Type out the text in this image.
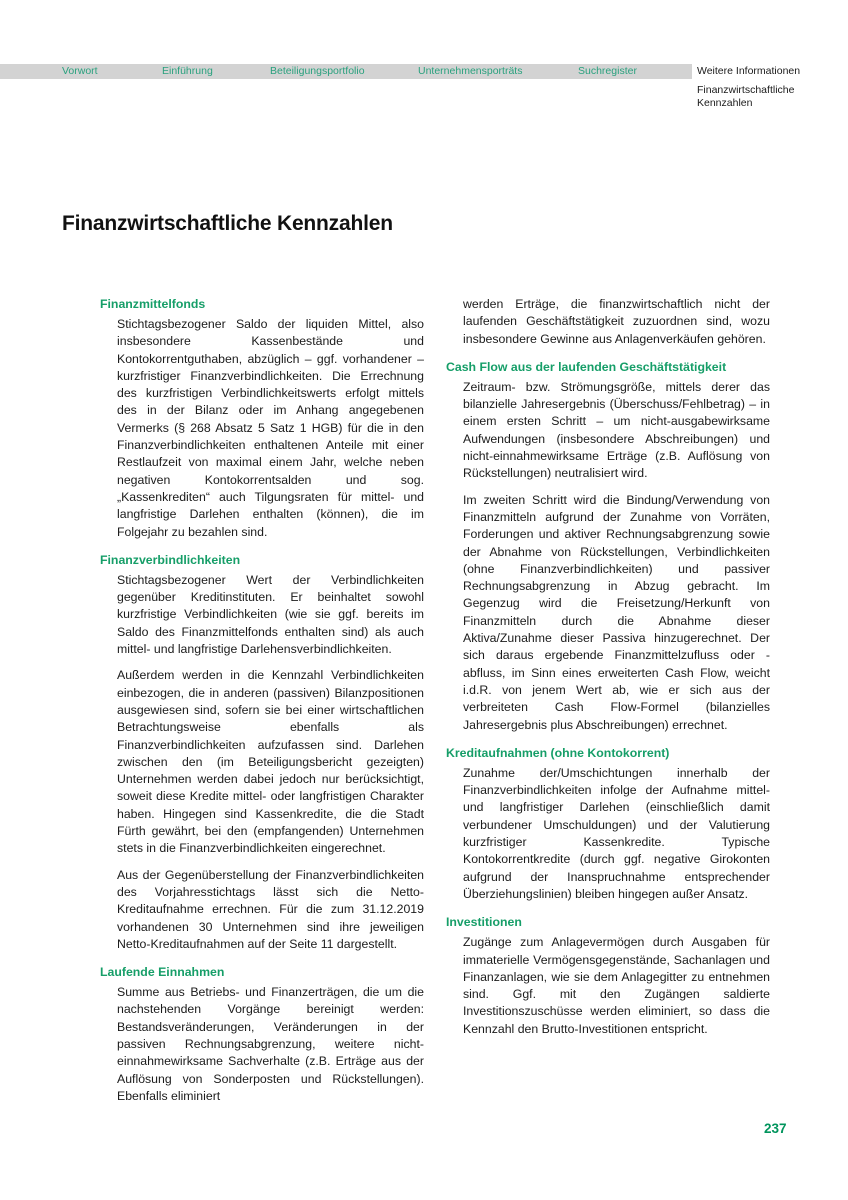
Vorwort	Einführung	Beteiligungsportfolio	Unternehmensporträts	Suchregister	Weitere Informationen
Finanzwirtschaftliche Kennzahlen
Finanzwirtschaftliche Kennzahlen
Finanzmittelfonds

Stichtagsbezogener Saldo der liquiden Mittel, also insbesondere Kassenbestände und Kontokorrentguthaben, abzüglich – ggf. vorhandener – kurzfristiger Finanzverbindlichkeiten. Die Errechnung des kurzfristigen Verbindlichkeitswerts erfolgt mittels des in der Bilanz oder im Anhang angegebenen Vermerks (§ 268 Absatz 5 Satz 1 HGB) für die in den Finanzverbindlichkeiten enthaltenen Anteile mit einer Restlaufzeit von maximal einem Jahr, welche neben negativen Kontokorrentsalden und sog. „Kassenkrediten“ auch Tilgungsraten für mittel- und langfristige Darlehen enthalten (können), die im Folgejahr zu bezahlen sind.

Finanzverbindlichkeiten

Stichtagsbezogener Wert der Verbindlichkeiten gegenüber Kreditinstituten. Er beinhaltet sowohl kurzfristige Verbindlichkeiten (wie sie ggf. bereits im Saldo des Finanzmittelfonds enthalten sind) als auch mittel- und langfristige Darlehensverbindlichkeiten.

Außerdem werden in die Kennzahl Verbindlichkeiten einbezogen, die in anderen (passiven) Bilanzpositionen ausgewiesen sind, sofern sie bei einer wirtschaftlichen Betrachtungsweise ebenfalls als Finanzverbindlichkeiten aufzufassen sind. Darlehen zwischen den (im Beteiligungsbericht gezeigten) Unternehmen werden dabei jedoch nur berücksichtigt, soweit diese Kredite mittel- oder langfristigen Charakter haben. Hingegen sind Kassenkredite, die die Stadt Fürth gewährt, bei den (empfangenden) Unternehmen stets in die Finanzverbindlichkeiten eingerechnet.

Aus der Gegenüberstellung der Finanzverbindlichkeiten des Vorjahresstichtags lässt sich die Netto-Kreditaufnahme errechnen. Für die zum 31.12.2019 vorhandenen 30 Unternehmen sind ihre jeweiligen Netto-Kreditaufnahmen auf der Seite 11 dargestellt.

Laufende Einnahmen

Summe aus Betriebs- und Finanzerträgen, die um die nachstehenden Vorgänge bereinigt werden: Bestandsveränderungen, Veränderungen in der passiven Rechnungsabgrenzung, weitere nicht-einnahmewirksame Sachverhalte (z.B. Erträge aus der Auflösung von Sonderposten und Rückstellungen). Ebenfalls eliminiert

werden Erträge, die finanzwirtschaftlich nicht der laufenden Geschäftstätigkeit zuzuordnen sind, wozu insbesondere Gewinne aus Anlagenverkäufen gehören.

Cash Flow aus der laufenden Geschäftstätigkeit

Zeitraum- bzw. Strömungsgröße, mittels derer das bilanzielle Jahresergebnis (Überschuss/Fehlbetrag) – in einem ersten Schritt – um nicht-ausgabewirksame Aufwendungen (insbesondere Abschreibungen) und nicht-einnahmewirksame Erträge (z.B. Auflösung von Rückstellungen) neutralisiert wird.

Im zweiten Schritt wird die Bindung/Verwendung von Finanzmitteln aufgrund der Zunahme von Vorräten, Forderungen und aktiver Rechnungsabgrenzung sowie der Abnahme von Rückstellungen, Verbindlichkeiten (ohne Finanzverbindlichkeiten) und passiver Rechnungsabgrenzung in Abzug gebracht. Im Gegenzug wird die Freisetzung/Herkunft von Finanzmitteln durch die Abnahme dieser Aktiva/Zunahme dieser Passiva hinzugerechnet. Der sich daraus ergebende Finanzmittelzufluss oder -abfluss, im Sinn eines erweiterten Cash Flow, weicht i.d.R. von jenem Wert ab, wie er sich aus der verbreiteten Cash Flow-Formel (bilanzielles Jahresergebnis plus Abschreibungen) errechnet.

Kreditaufnahmen (ohne Kontokorrent)

Zunahme der/Umschichtungen innerhalb der Finanzverbindlichkeiten infolge der Aufnahme mittel- und langfristiger Darlehen (einschließlich damit verbundener Umschuldungen) und der Valutierung kurzfristiger Kassenkredite. Typische Kontokorrentkredite (durch ggf. negative Girokonten aufgrund der Inanspruchnahme entsprechender Überziehungslinien) bleiben hingegen außer Ansatz.

Investitionen

Zugänge zum Anlagevermögen durch Ausgaben für immaterielle Vermögensgegenstände, Sachanlagen und Finanzanlagen, wie sie dem Anlagegitter zu entnehmen sind. Ggf. mit den Zugängen saldierte Investitionszuschüsse werden eliminiert, so dass die Kennzahl den Brutto-Investitionen entspricht.

237
